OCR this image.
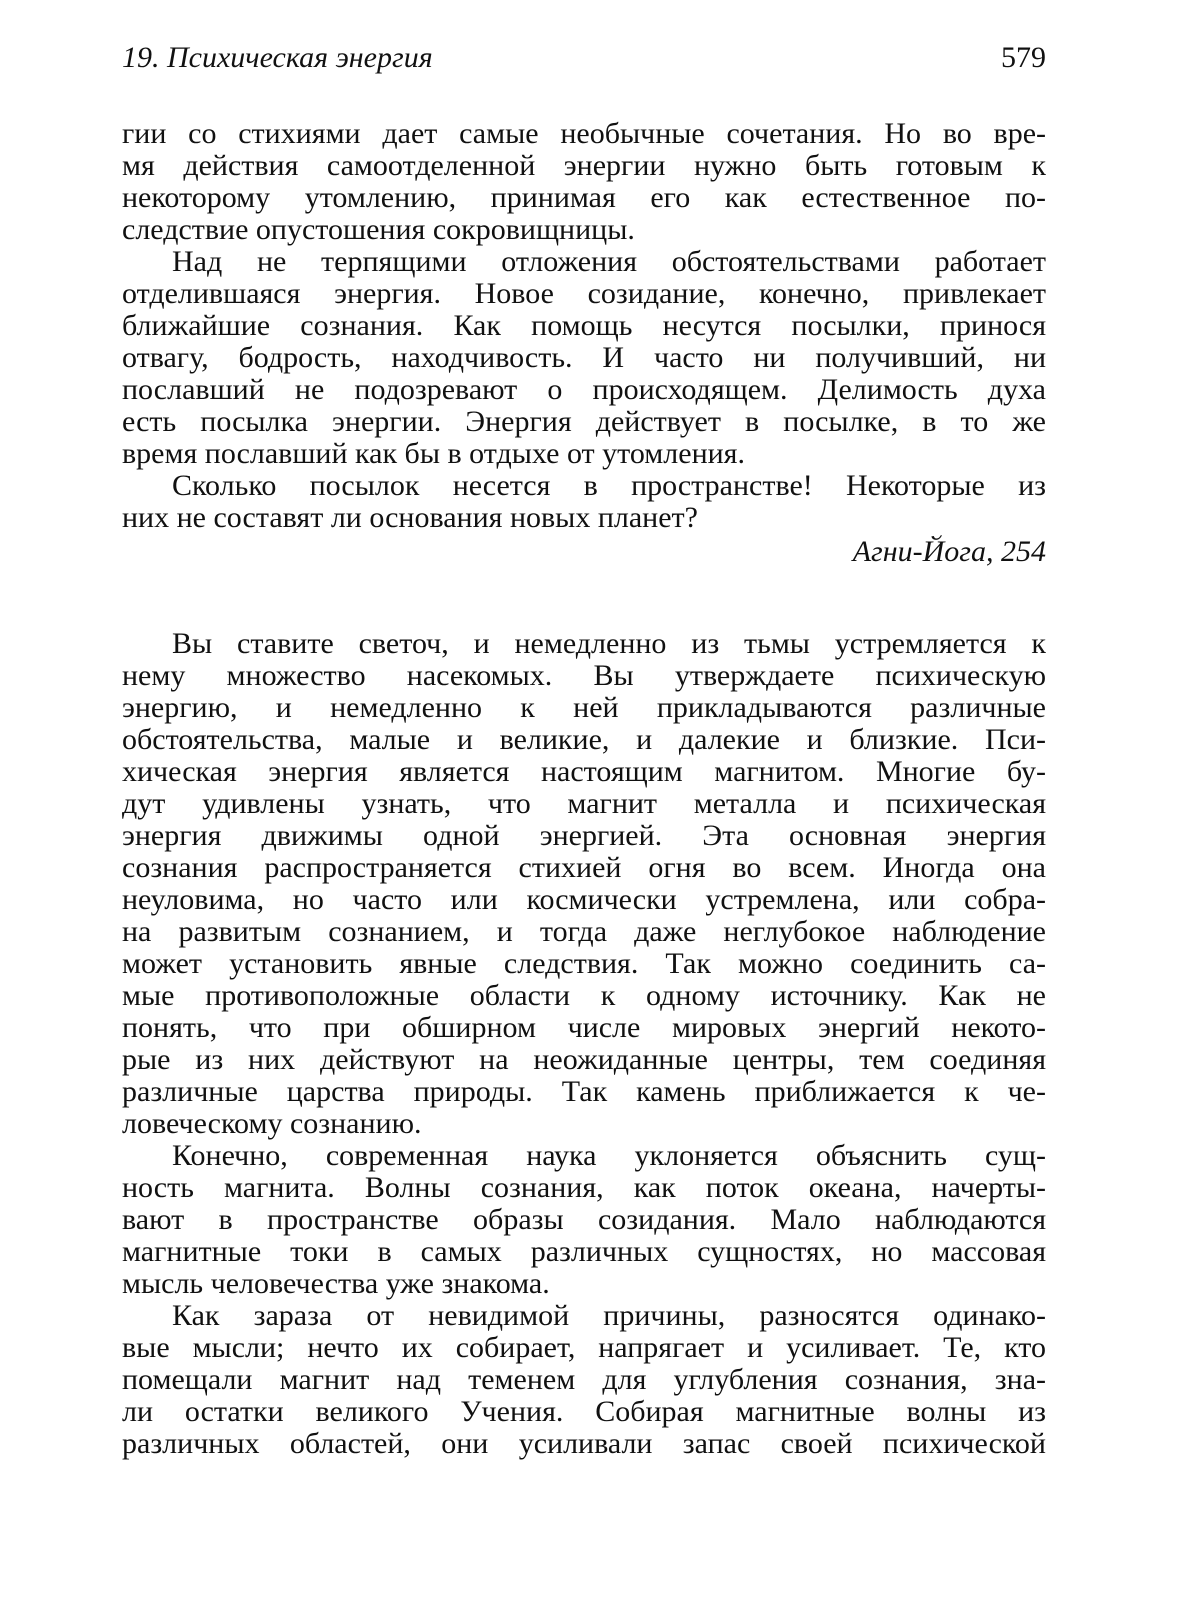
19. Психическая энергия	579
гии со стихиями дает самые необычные сочетания. Но во вре-
мя действия самоотделенной энергии нужно быть готовым к
некоторому утомлению, принимая его как естественное по-
следствие опустошения сокровищницы.
Над не терпящими отложения обстоятельствами работает
отделившаяся энергия. Новое созидание, конечно, привлекает
ближайшие сознания. Как помощь несутся посылки, принося
отвагу, бодрость, находчивость. И часто ни получивший, ни
пославший не подозревают о происходящем. Делимость духа
есть посылка энергии. Энергия действует в посылке, в то же
время пославший как бы в отдыхе от утомления.
Сколько посылок несется в пространстве! Некоторые из
них не составят ли основания новых планет?
Агни-Йога, 254
Вы ставите светоч, и немедленно из тьмы устремляется к
нему множество насекомых. Вы утверждаете психическую
энергию, и немедленно к ней прикладываются различные
обстоятельства, малые и великие, и далекие и близкие. Пси-
хическая энергия является настоящим магнитом. Многие бу-
дут удивлены узнать, что магнит металла и психическая
энергия движимы одной энергией. Эта основная энергия
сознания распространяется стихией огня во всем. Иногда она
неуловима, но часто или космически устремлена, или собра-
на развитым сознанием, и тогда даже неглубокое наблюдение
может установить явные следствия. Так можно соединить са-
мые противоположные области к одному источнику. Как не
понять, что при обширном числе мировых энергий некото-
рые из них действуют на неожиданные центры, тем соединяя
различные царства природы. Так камень приближается к че-
ловеческому сознанию.
Конечно, современная наука уклоняется объяснить сущ-
ность магнита. Волны сознания, как поток океана, начерты-
вают в пространстве образы созидания. Мало наблюдаются
магнитные токи в самых различных сущностях, но массовая
мысль человечества уже знакома.
Как зараза от невидимой причины, разносятся одинако-
вые мысли; нечто их собирает, напрягает и усиливает. Те, кто
помещали магнит над теменем для углубления сознания, зна-
ли остатки великого Учения. Собирая магнитные волны из
различных областей, они усиливали запас своей психической
